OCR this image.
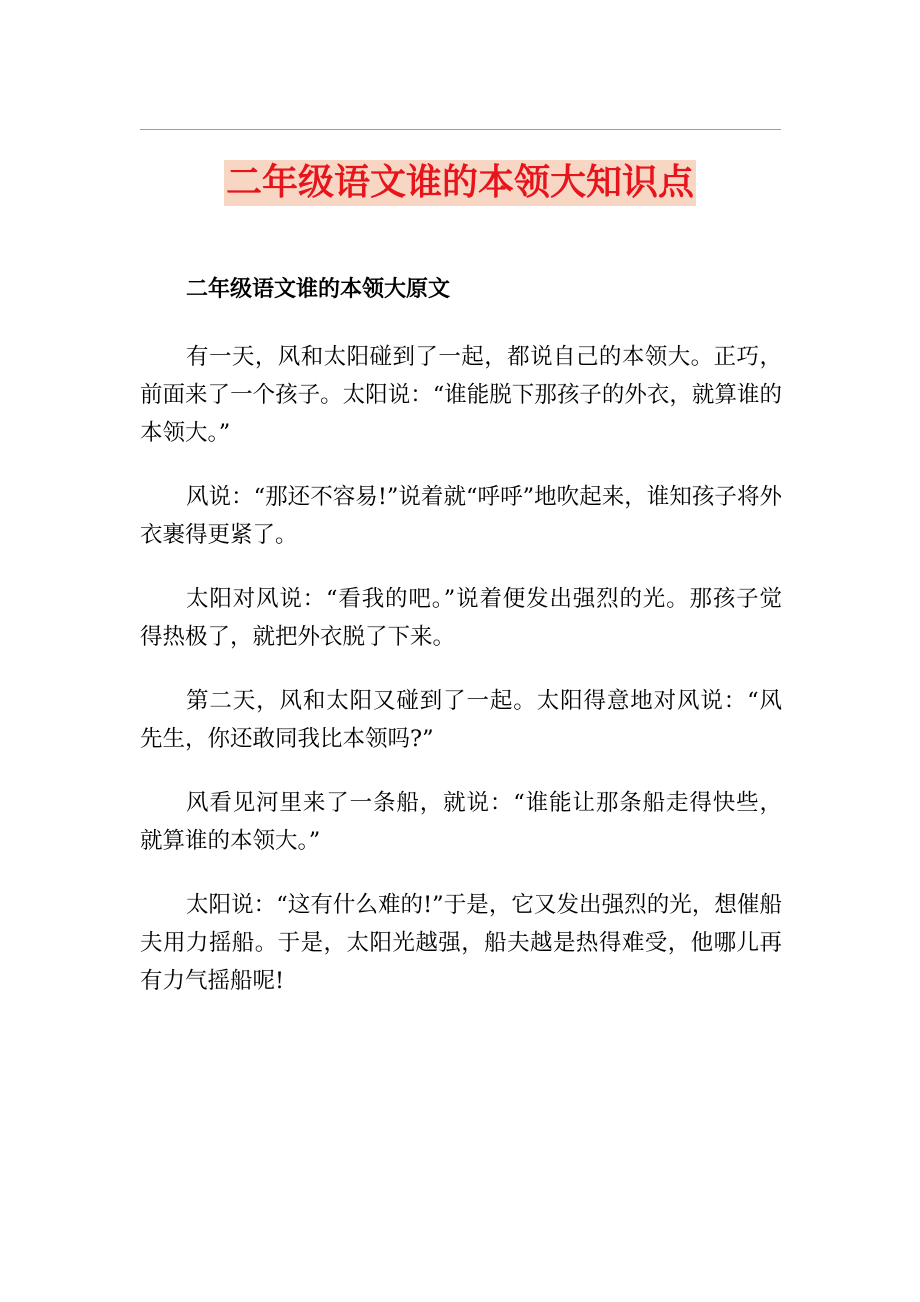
二年级语文谁的本领大知识点

二年级语文谁的本领大原文

有一天，风和太阳碰到了一起，都说自己的本领大。正巧，前面来了一个孩子。太阳说：“谁能脱下那孩子的外衣，就算谁的本领大。”

风说：“那还不容易!”说着就“呼呼”地吹起来，谁知孩子将外衣裹得更紧了。

太阳对风说：“看我的吧。”说着便发出强烈的光。那孩子觉得热极了，就把外衣脱了下来。

第二天，风和太阳又碰到了一起。太阳得意地对风说：“风先生，你还敢同我比本领吗?”

风看见河里来了一条船，就说：“谁能让那条船走得快些，就算谁的本领大。”

太阳说：“这有什么难的!”于是，它又发出强烈的光，想催船夫用力摇船。于是，太阳光越强，船夫越是热得难受，他哪儿再有力气摇船呢!
